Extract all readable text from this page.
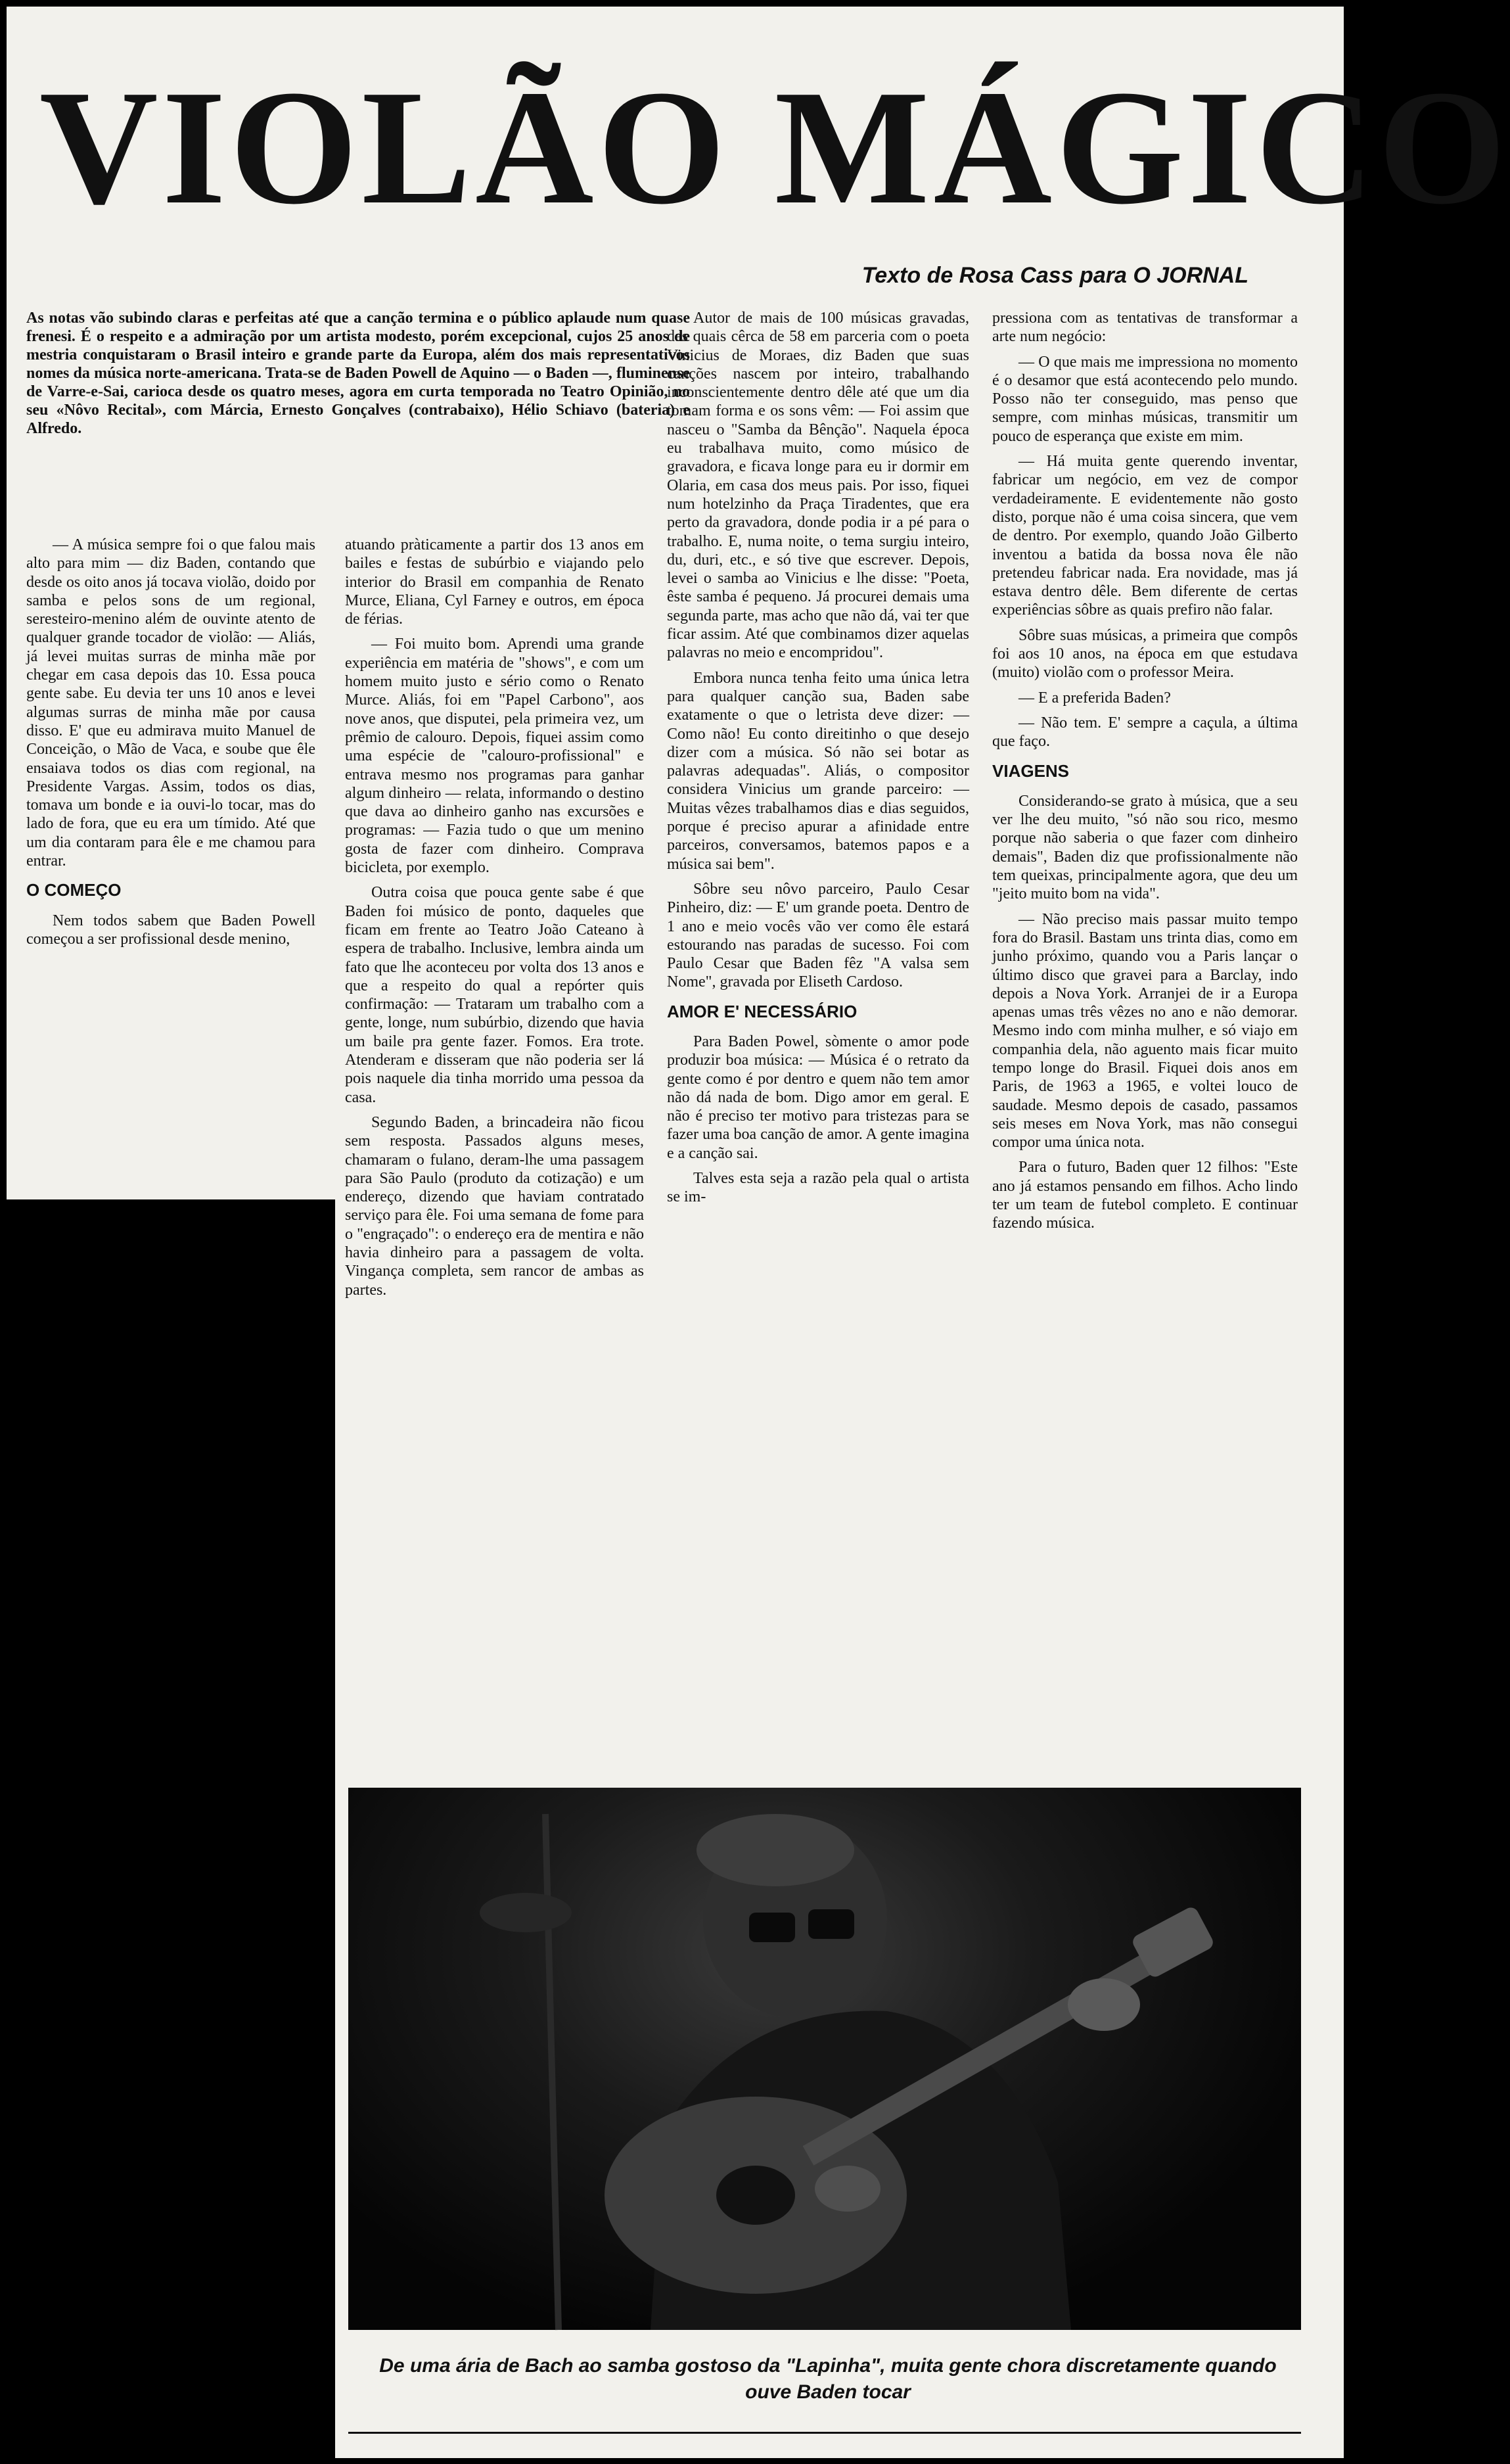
VIOLÃO MÁGICO
Texto de Rosa Cass para O JORNAL
As notas vão subindo claras e perfeitas até que a canção termina e o público aplaude num quase frenesi. É o respeito e a admiração por um artista modesto, porém excepcional, cujos 25 anos de mestria conquistaram o Brasil inteiro e grande parte da Europa, além dos mais representativos nomes da música norte-americana. Trata-se de Baden Powell de Aquino — o Baden —, fluminense de Varre-e-Sai, carioca desde os quatro meses, agora em curta temporada no Teatro Opinião, no seu «Nôvo Recital», com Márcia, Ernesto Gonçalves (contrabaixo), Hélio Schiavo (bateria) e Alfredo.

— A música sempre foi o que falou mais alto para mim — diz Baden, contando que desde os oito anos já tocava violão, doido por samba e pelos sons de um regional, seresteiro-menino além de ouvinte atento de qualquer grande tocador de violão: — Aliás, já levei muitas surras de minha mãe por chegar em casa depois das 10. Essa pouca gente sabe. Eu devia ter uns 10 anos e levei algumas surras de minha mãe por causa disso. E' que eu admirava muito Manuel de Conceição, o Mão de Vaca, e soube que êle ensaiava todos os dias com regional, na Presidente Vargas. Assim, todos os dias, tomava um bonde e ia ouvi-lo tocar, mas do lado de fora, que eu era um tímido. Até que um dia contaram para êle e me chamou para entrar.

O COMEÇO

Nem todos sabem que Baden Powell começou a ser profissional desde menino,

atuando pràticamente a partir dos 13 anos em bailes e festas de subúrbio e viajando pelo interior do Brasil em companhia de Renato Murce, Eliana, Cyl Farney e outros, em época de férias.

— Foi muito bom. Aprendi uma grande experiência em matéria de "shows", e com um homem muito justo e sério como o Renato Murce. Aliás, foi em "Papel Carbono", aos nove anos, que disputei, pela primeira vez, um prêmio de calouro. Depois, fiquei assim como uma espécie de "calouro-profissional" e entrava mesmo nos programas para ganhar algum dinheiro — relata, informando o destino que dava ao dinheiro ganho nas excursões e programas: — Fazia tudo o que um menino gosta de fazer com dinheiro. Comprava bicicleta, por exemplo.

Outra coisa que pouca gente sabe é que Baden foi músico de ponto, daqueles que ficam em frente ao Teatro João Cateano à espera de trabalho. Inclusive, lembra ainda um fato que lhe aconteceu por volta dos 13 anos e que a respeito do qual a repórter quis confirmação: — Trataram um trabalho com a gente, longe, num subúrbio, dizendo que havia um baile pra gente fazer. Fomos. Era trote. Atenderam e disseram que não poderia ser lá pois naquele dia tinha morrido uma pessoa da casa.

Segundo Baden, a brincadeira não ficou sem resposta. Passados alguns meses, chamaram o fulano, deram-lhe uma passagem para São Paulo (produto da cotização) e um endereço, dizendo que haviam contratado serviço para êle. Foi uma semana de fome para o "engraçado": o endereço era de mentira e não havia dinheiro para a passagem de volta. Vingança completa, sem rancor de ambas as partes.

Autor de mais de 100 músicas gravadas, das quais cêrca de 58 em parceria com o poeta Vinicius de Moraes, diz Baden que suas canções nascem por inteiro, trabalhando inconscientemente dentro dêle até que um dia tomam forma e os sons vêm: — Foi assim que nasceu o "Samba da Bênção". Naquela época eu trabalhava muito, como músico de gravadora, e ficava longe para eu ir dormir em Olaria, em casa dos meus pais. Por isso, fiquei num hotelzinho da Praça Tiradentes, que era perto da gravadora, donde podia ir a pé para o trabalho. E, numa noite, o tema surgiu inteiro, du, duri, etc., e só tive que escrever. Depois, levei o samba ao Vinicius e lhe disse: "Poeta, êste samba é pequeno. Já procurei demais uma segunda parte, mas acho que não dá, vai ter que ficar assim. Até que combinamos dizer aquelas palavras no meio e encompridou".

Embora nunca tenha feito uma única letra para qualquer canção sua, Baden sabe exatamente o que o letrista deve dizer: — Como não! Eu conto direitinho o que desejo dizer com a música. Só não sei botar as palavras adequadas". Aliás, o compositor considera Vinicius um grande parceiro: — Muitas vêzes trabalhamos dias e dias seguidos, porque é preciso apurar a afinidade entre parceiros, conversamos, batemos papos e a música sai bem".

Sôbre seu nôvo parceiro, Paulo Cesar Pinheiro, diz: — E' um grande poeta. Dentro de 1 ano e meio vocês vão ver como êle estará estourando nas paradas de sucesso. Foi com Paulo Cesar que Baden fêz "A valsa sem Nome", gravada por Eliseth Cardoso.

AMOR E' NECESSÁRIO

Para Baden Powel, sòmente o amor pode produzir boa música: — Música é o retrato da gente como é por dentro e quem não tem amor não dá nada de bom. Digo amor em geral. E não é preciso ter motivo para tristezas para se fazer uma boa canção de amor. A gente imagina e a canção sai.

Talves esta seja a razão pela qual o artista se im-

pressiona com as tentativas de transformar a arte num negócio:

— O que mais me impressiona no momento é o desamor que está acontecendo pelo mundo. Posso não ter conseguido, mas penso que sempre, com minhas músicas, transmitir um pouco de esperança que existe em mim.

— Há muita gente querendo inventar, fabricar um negócio, em vez de compor verdadeiramente. E evidentemente não gosto disto, porque não é uma coisa sincera, que vem de dentro. Por exemplo, quando João Gilberto inventou a batida da bossa nova êle não pretendeu fabricar nada. Era novidade, mas já estava dentro dêle. Bem diferente de certas experiências sôbre as quais prefiro não falar.

Sôbre suas músicas, a primeira que compôs foi aos 10 anos, na época em que estudava (muito) violão com o professor Meira.

— E a preferida Baden?

— Não tem. E' sempre a caçula, a última que faço.

VIAGENS

Considerando-se grato à música, que a seu ver lhe deu muito, "só não sou rico, mesmo porque não saberia o que fazer com dinheiro demais", Baden diz que profissionalmente não tem queixas, principalmente agora, que deu um "jeito muito bom na vida".

— Não preciso mais passar muito tempo fora do Brasil. Bastam uns trinta dias, como em junho próximo, quando vou a Paris lançar o último disco que gravei para a Barclay, indo depois a Nova York. Arranjei de ir a Europa apenas umas três vêzes no ano e não demorar. Mesmo indo com minha mulher, e só viajo em companhia dela, não aguento mais ficar muito tempo longe do Brasil. Fiquei dois anos em Paris, de 1963 a 1965, e voltei louco de saudade. Mesmo depois de casado, passamos seis meses em Nova York, mas não consegui compor uma única nota.

Para o futuro, Baden quer 12 filhos: "Este ano já estamos pensando em filhos. Acho lindo ter um team de futebol completo. E continuar fazendo música.

De uma ária de Bach ao samba gostoso da "Lapinha", muita gente chora discretamente quando ouve Baden tocar
